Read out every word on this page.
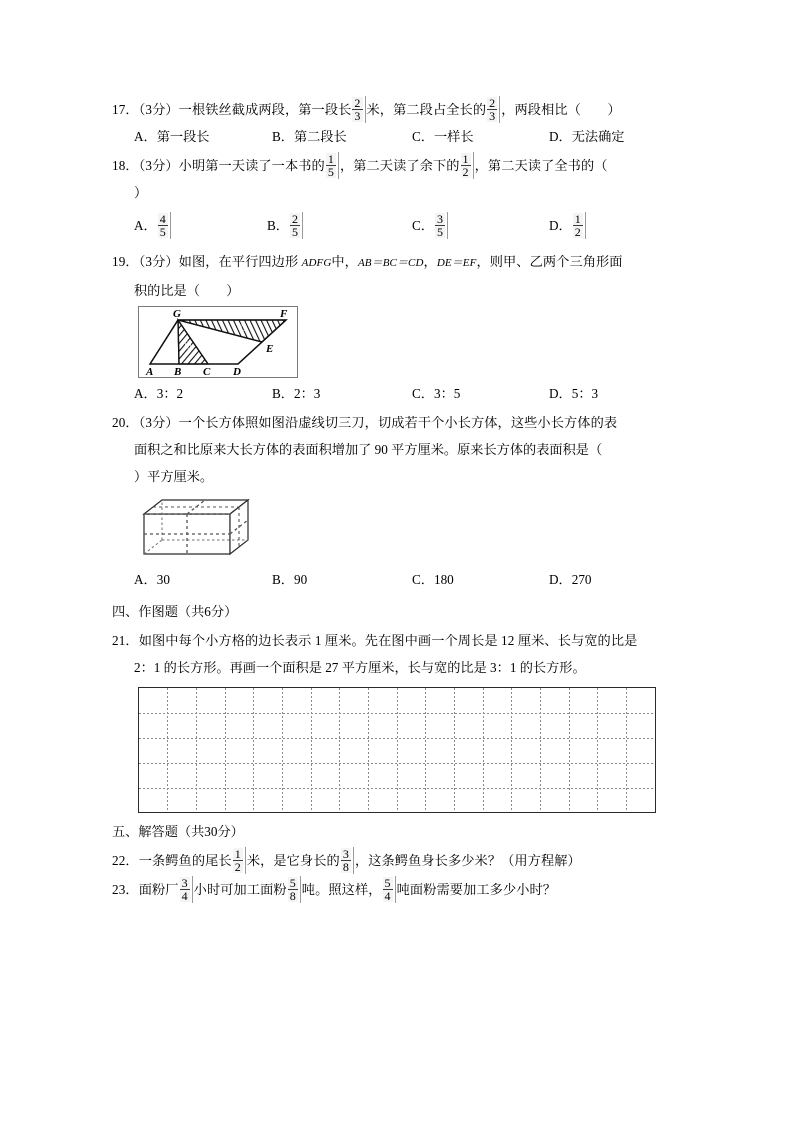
17．（3分）一根铁丝截成两段，第一段长 $\frac{2}{3}$ 米，第二段占全长的 $\frac{2}{3}$ ，两段相比（　　）
A．第一段长	B．第二段长	C．一样长	D．无法确定
18．（3分）小明第一天读了一本书的 $\frac{1}{5}$ ，第二天读了余下的 $\frac{1}{2}$ ，第二天读了全书的（
）
A． $\frac{4}{5}$	B． $\frac{2}{5}$	C． $\frac{3}{5}$	D． $\frac{1}{2}$
19．（3分）如图，在平行四边形 ADFG中，AB＝BC＝CD，DE＝EF，则甲、乙两个三角形面
积的比是（　　）
A B C D
E
F
G
甲
乙
A．3：2	B．2：3	C．3：5	D．5：3
20．（3分）一个长方体照如图沿虚线切三刀，切成若干个小长方体，这些小长方体的表
面积之和比原来大长方体的表面积增加了 90 平方厘米。原来长方体的表面积是（
）平方厘米。
A．30	B．90	C．180	D．270
四、作图题（共6分）
21．如图中每个小方格的边长表示 1 厘米。先在图中画一个周长是 12 厘米、长与宽的比是
2：1 的长方形。再画一个面积是 27 平方厘米，长与宽的比是 3：1 的长方形。
五、解答题（共30分）
22．一条鳄鱼的尾长 $\frac{1}{2}$ 米，是它身长的 $\frac{3}{8}$ ，这条鳄鱼身长多少米？（用方程解）
23．面粉厂 $\frac{3}{4}$ 小时可加工面粉 $\frac{5}{8}$ 吨。照这样， $\frac{5}{4}$ 吨面粉需要加工多少小时？
